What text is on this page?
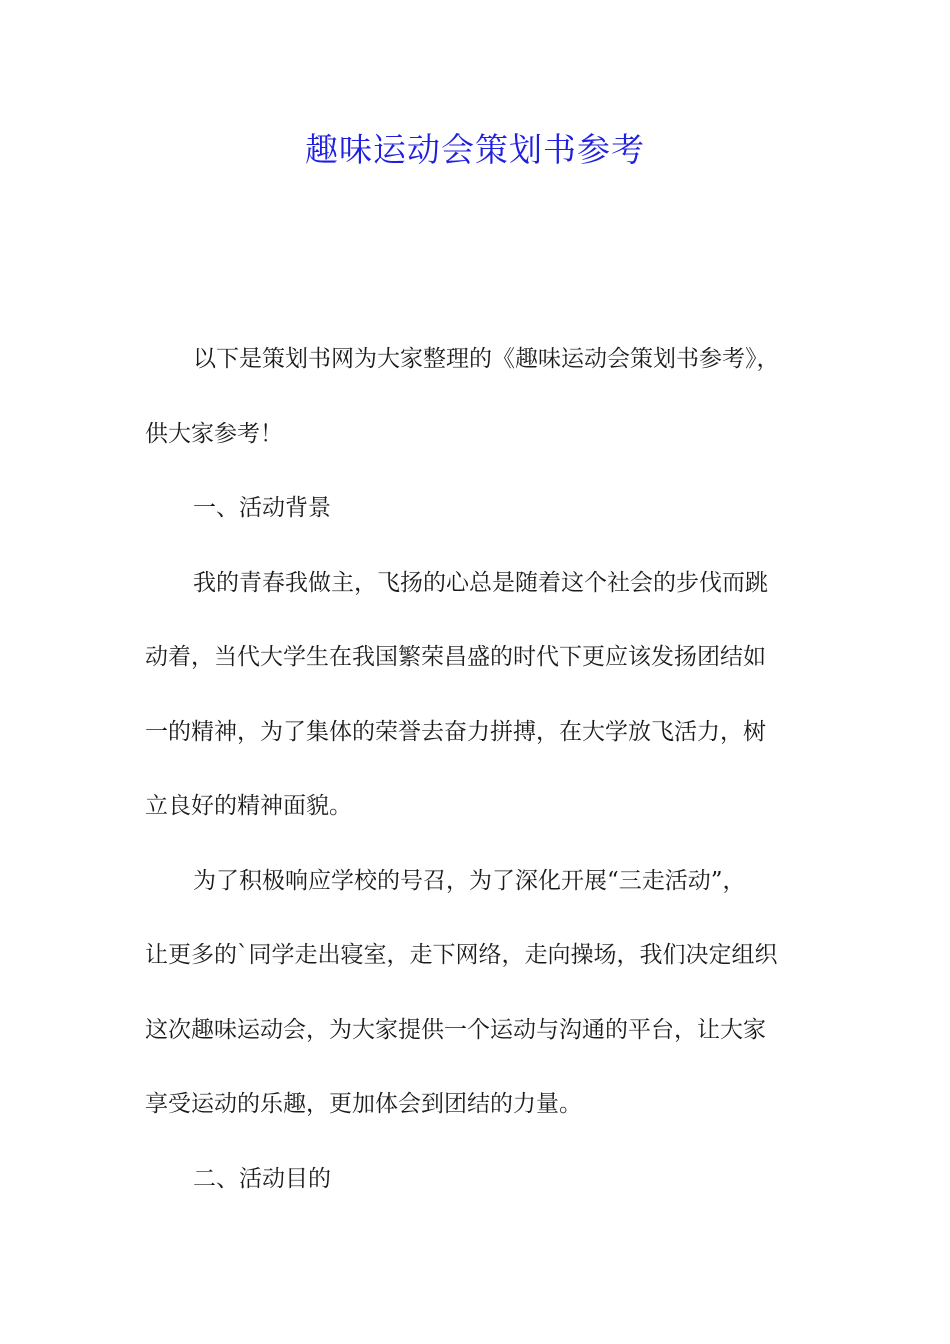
趣味运动会策划书参考
以下是策划书网为大家整理的《趣味运动会策划书参考》，
供大家参考！
一、活动背景
我的青春我做主，飞扬的心总是随着这个社会的步伐而跳
动着，当代大学生在我国繁荣昌盛的时代下更应该发扬团结如
一的精神，为了集体的荣誉去奋力拼搏，在大学放飞活力，树
立良好的精神面貌。
为了积极响应学校的号召，为了深化开展“三走活动”，
让更多的`同学走出寝室，走下网络，走向操场，我们决定组织
这次趣味运动会，为大家提供一个运动与沟通的平台，让大家
享受运动的乐趣，更加体会到团结的力量。
二、活动目的
